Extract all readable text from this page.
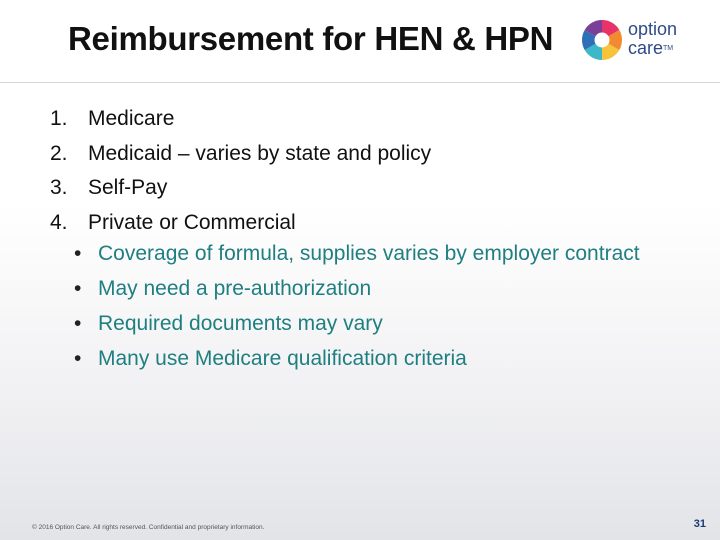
Reimbursement for HEN & HPN	option
care™
1. Medicare
2. Medicaid – varies by state and policy
3. Self-Pay
4. Private or Commercial
• Coverage of formula, supplies varies by employer contract
• May need a pre-authorization
• Required documents may vary
• Many use Medicare qualification criteria
© 2016 Option Care. All rights reserved. Confidential and proprietary information.	31
